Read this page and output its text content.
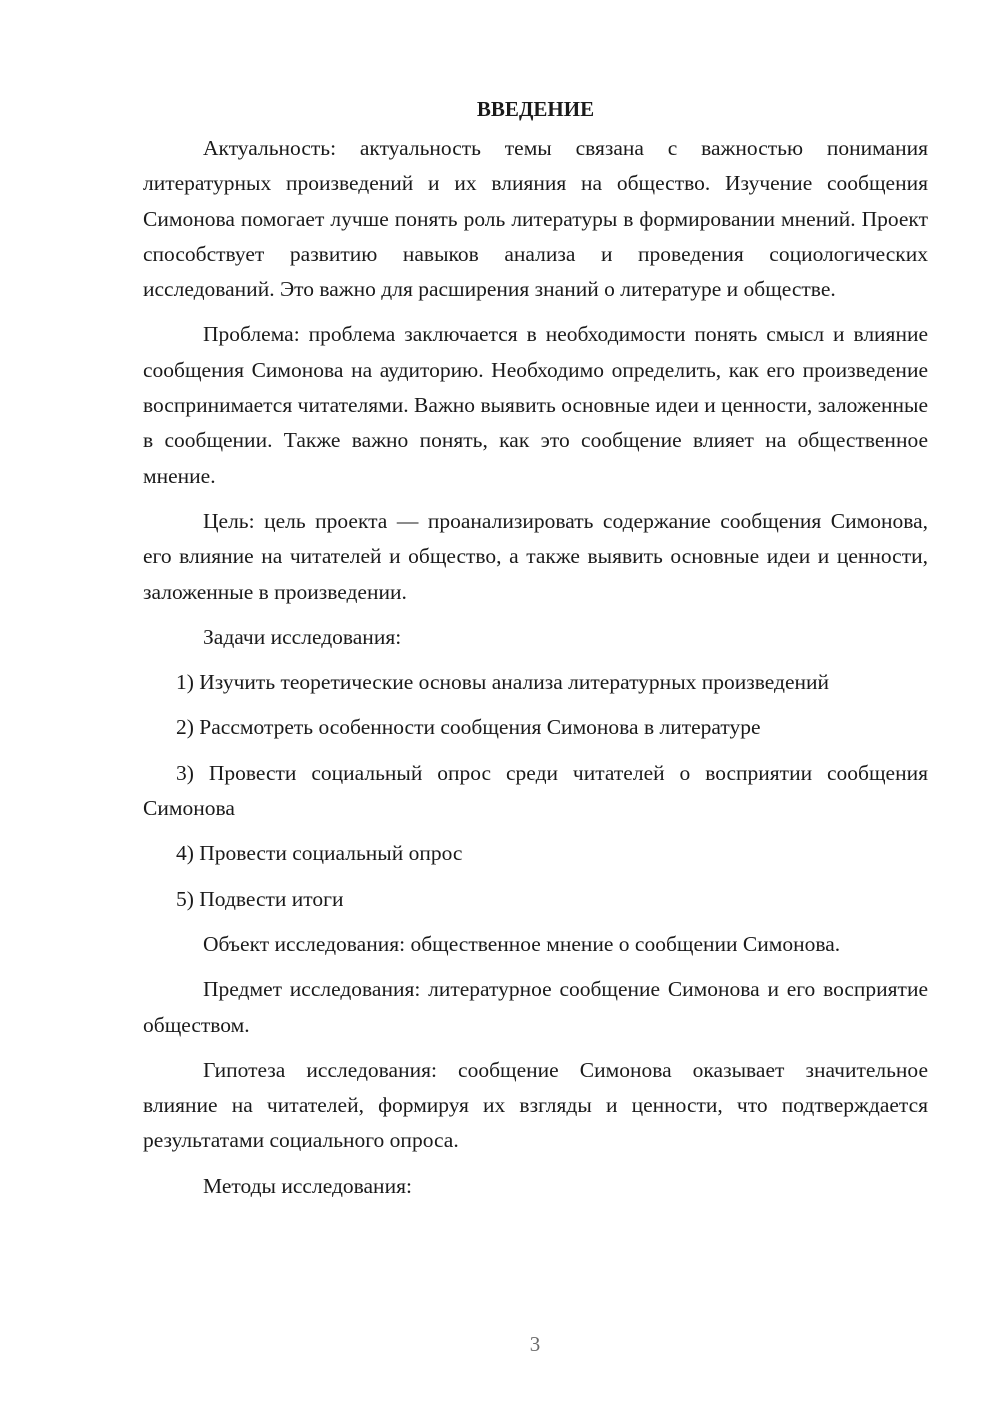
ВВЕДЕНИЕ

Актуальность: актуальность темы связана с важностью понимания литературных произведений и их влияния на общество. Изучение сообщения Симонова помогает лучше понять роль литературы в формировании мнений. Проект способствует развитию навыков анализа и проведения социологических исследований. Это важно для расширения знаний о литературе и обществе.

Проблема: проблема заключается в необходимости понять смысл и влияние сообщения Симонова на аудиторию. Необходимо определить, как его произведение воспринимается читателями. Важно выявить основные идеи и ценности, заложенные в сообщении. Также важно понять, как это сообщение влияет на общественное мнение.

Цель: цель проекта — проанализировать содержание сообщения Симонова, его влияние на читателей и общество, а также выявить основные идеи и ценности, заложенные в произведении.

Задачи исследования:

1) Изучить теоретические основы анализа литературных произведений

2) Рассмотреть особенности сообщения Симонова в литературе

3) Провести социальный опрос среди читателей о восприятии сообщения Симонова

4) Провести социальный опрос

5) Подвести итоги

Объект исследования: общественное мнение о сообщении Симонова.

Предмет исследования: литературное сообщение Симонова и его восприятие обществом.

Гипотеза исследования: сообщение Симонова оказывает значительное влияние на читателей, формируя их взгляды и ценности, что подтверждается результатами социального опроса.

Методы исследования:

3
